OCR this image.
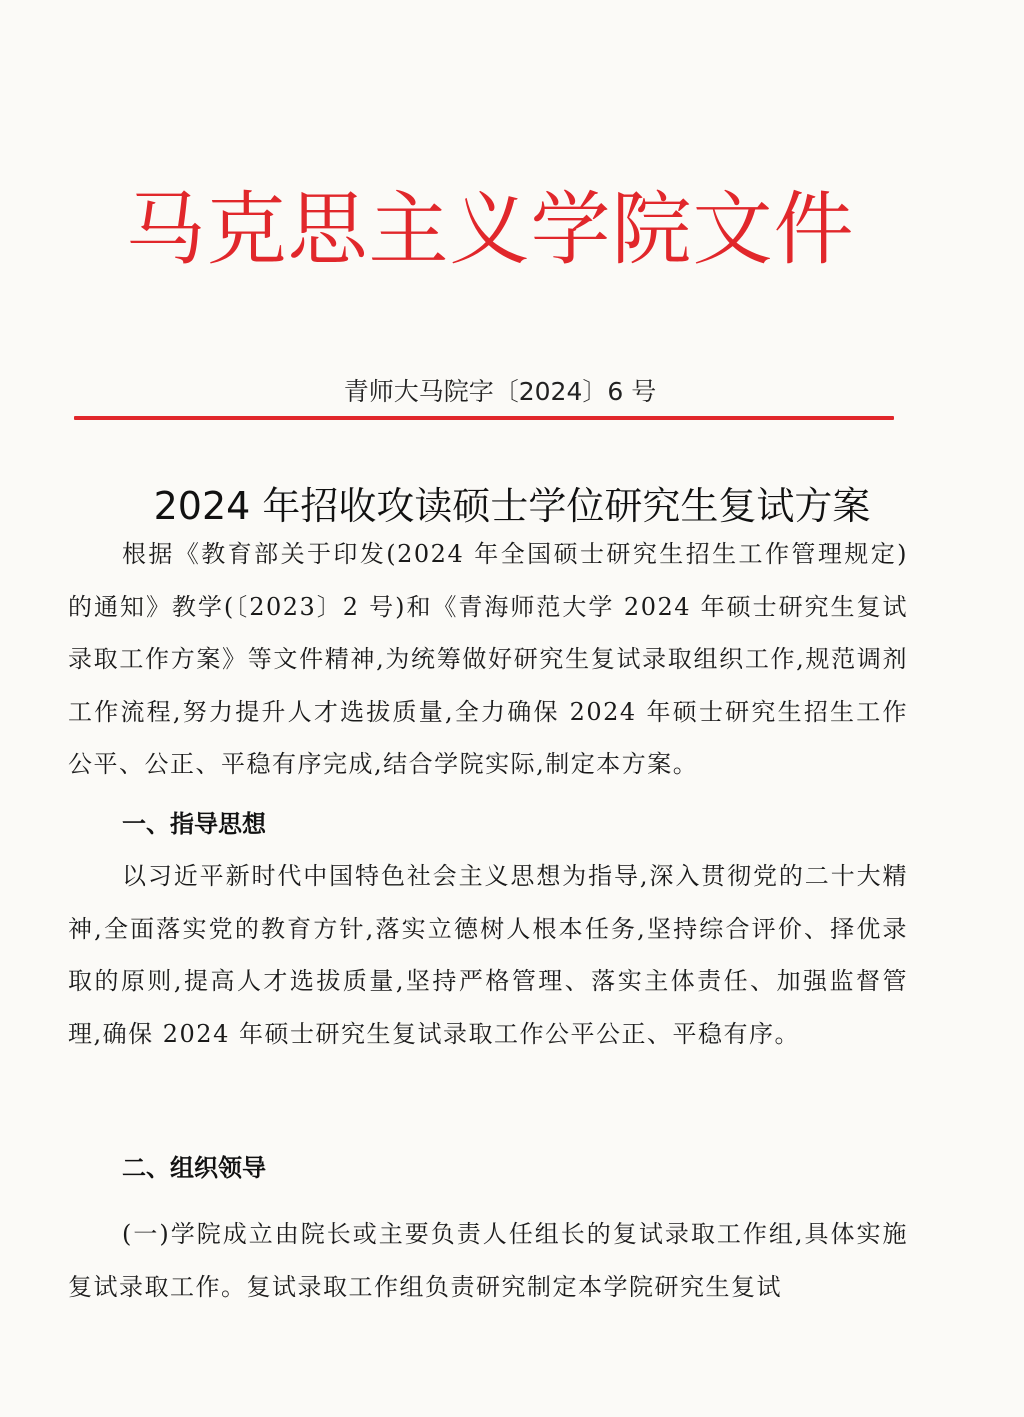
马克思主义学院文件
青师大马院字〔2024〕6 号
2024 年招收攻读硕士学位研究生复试方案

根据《教育部关于印发(2024 年全国硕士研究生招生工作管理规定)的通知》教学(〔2023〕2 号)和《青海师范大学 2024 年硕士研究生复试录取工作方案》等文件精神,为统筹做好研究生复试录取组织工作,规范调剂工作流程,努力提升人才选拔质量,全力确保 2024 年硕士研究生招生工作公平、公正、平稳有序完成,结合学院实际,制定本方案。

一、指导思想

以习近平新时代中国特色社会主义思想为指导,深入贯彻党的二十大精神,全面落实党的教育方针,落实立德树人根本任务,坚持综合评价、择优录取的原则,提高人才选拔质量,坚持严格管理、落实主体责任、加强监督管理,确保 2024 年硕士研究生复试录取工作公平公正、平稳有序。

二、组织领导

(一)学院成立由院长或主要负责人任组长的复试录取工作组,具体实施复试录取工作。复试录取工作组负责研究制定本学院研究生复试
